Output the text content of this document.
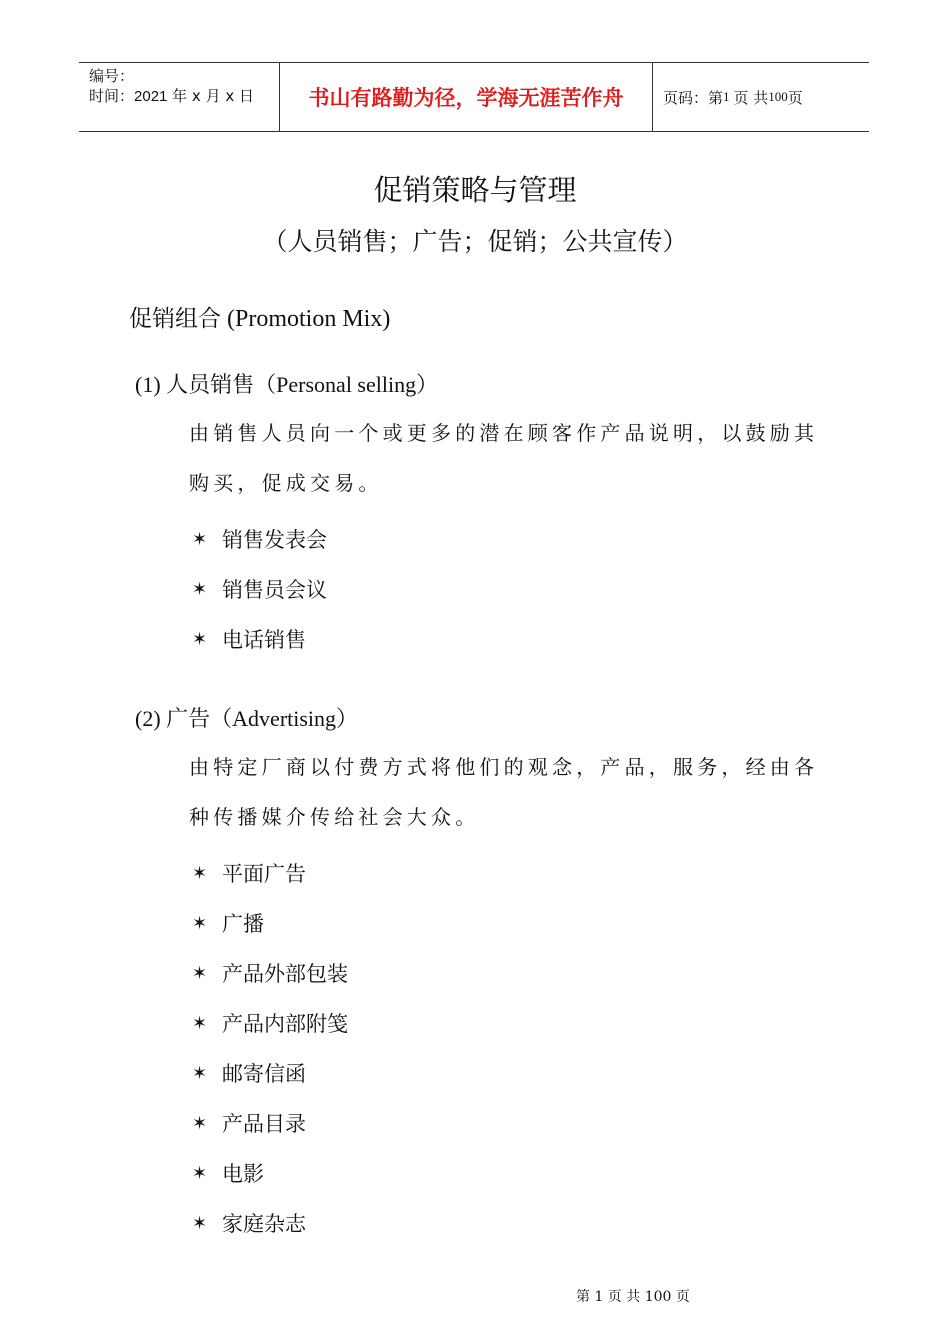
编号：
时间：2021 年 x 月 x 日	书山有路勤为径，学海无涯苦作舟	页码：第 1 页 共 100 页
促销策略与管理
（人员销售；广告；促销；公共宣传）
促销组合 (Promotion Mix)
(1) 人员销售（Personal selling）
由销售人员向一个或更多的潜在顾客作产品说明，以鼓励其
购买，促成交易。
✶ 销售发表会
✶ 销售员会议
✶ 电话销售
(2) 广告（Advertising）
由特定厂商以付费方式将他们的观念，产品，服务，经由各
种传播媒介传给社会大众。
✶ 平面广告
✶ 广播
✶ 产品外部包装
✶ 产品内部附笺
✶ 邮寄信函
✶ 产品目录
✶ 电影
✶ 家庭杂志
第 1 页 共 100 页
